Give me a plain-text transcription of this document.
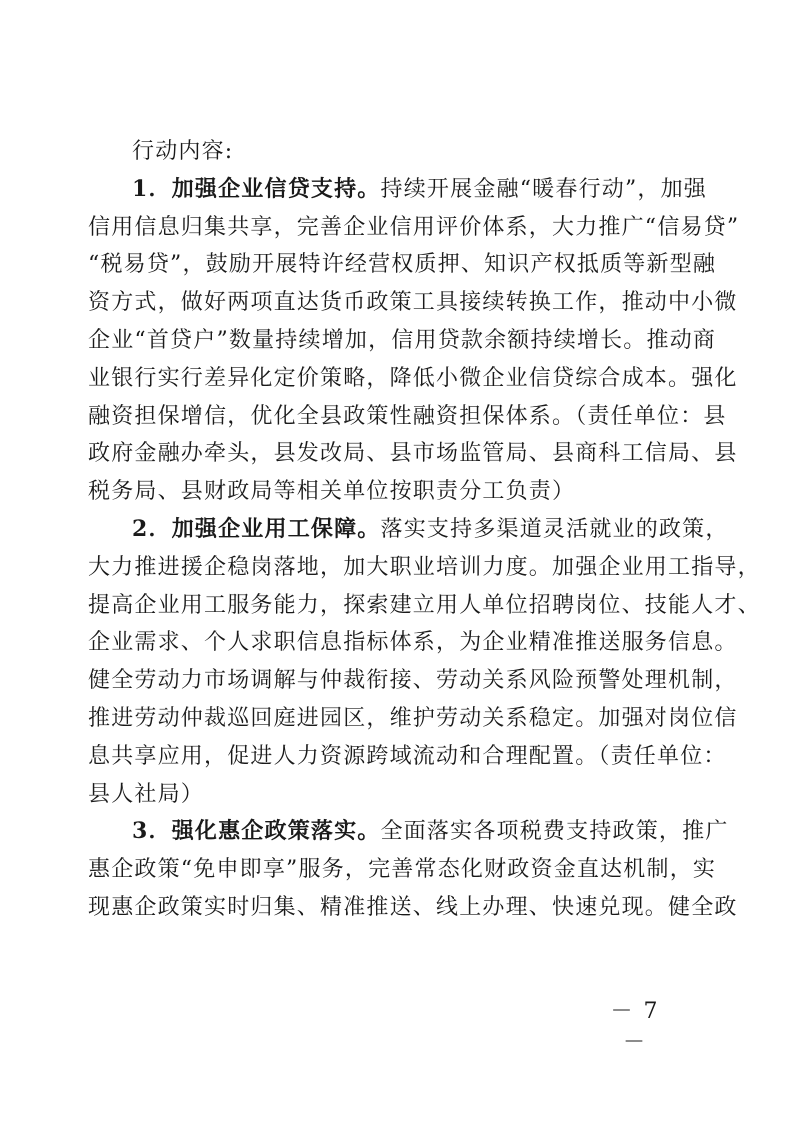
行动内容:
1．加强企业信贷支持。持续开展金融“暖春行动”，加强
信用信息归集共享，完善企业信用评价体系，大力推广“信易贷”
“税易贷”，鼓励开展特许经营权质押、知识产权抵质等新型融
资方式，做好两项直达货币政策工具接续转换工作，推动中小微
企业“首贷户”数量持续增加，信用贷款余额持续增长。推动商
业银行实行差异化定价策略，降低小微企业信贷综合成本。强化
融资担保增信，优化全县政策性融资担保体系。（责任单位：县
政府金融办牵头，县发改局、县市场监管局、县商科工信局、县
税务局、县财政局等相关单位按职责分工负责）
2．加强企业用工保障。落实支持多渠道灵活就业的政策，
大力推进援企稳岗落地，加大职业培训力度。加强企业用工指导，
提高企业用工服务能力，探索建立用人单位招聘岗位、技能人才、
企业需求、个人求职信息指标体系，为企业精准推送服务信息。
健全劳动力市场调解与仲裁衔接、劳动关系风险预警处理机制，
推进劳动仲裁巡回庭进园区，维护劳动关系稳定。加强对岗位信
息共享应用，促进人力资源跨域流动和合理配置。（责任单位：
县人社局）
3．强化惠企政策落实。全面落实各项税费支持政策，推广
惠企政策“免申即享”服务，完善常态化财政资金直达机制，实
现惠企政策实时归集、精准推送、线上办理、快速兑现。健全政
－ 7 －
